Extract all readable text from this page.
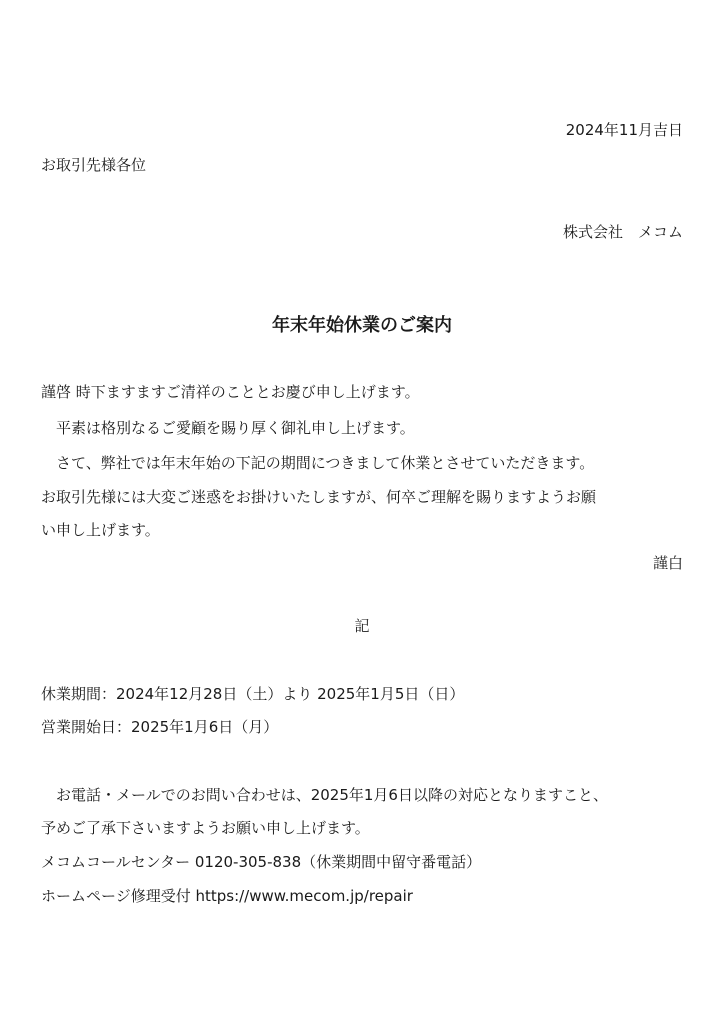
2024年11月吉日
お取引先様各位
株式会社　メコム
年末年始休業のご案内
謹啓 時下ますますご清祥のこととお慶び申し上げます。
平素は格別なるご愛顧を賜り厚く御礼申し上げます。
さて、弊社では年末年始の下記の期間につきまして休業とさせていただきます。
お取引先様には大変ご迷惑をお掛けいたしますが、何卒ご理解を賜りますようお願
い申し上げます。
謹白
記
休業期間：2024年12月28日（土）より 2025年1月5日（日）
営業開始日：2025年1月6日（月）
お電話・メールでのお問い合わせは、2025年1月6日以降の対応となりますこと、
予めご了承下さいますようお願い申し上げます。
メコムコールセンター 0120-305-838（休業期間中留守番電話）
ホームページ修理受付 https://www.mecom.jp/repair
